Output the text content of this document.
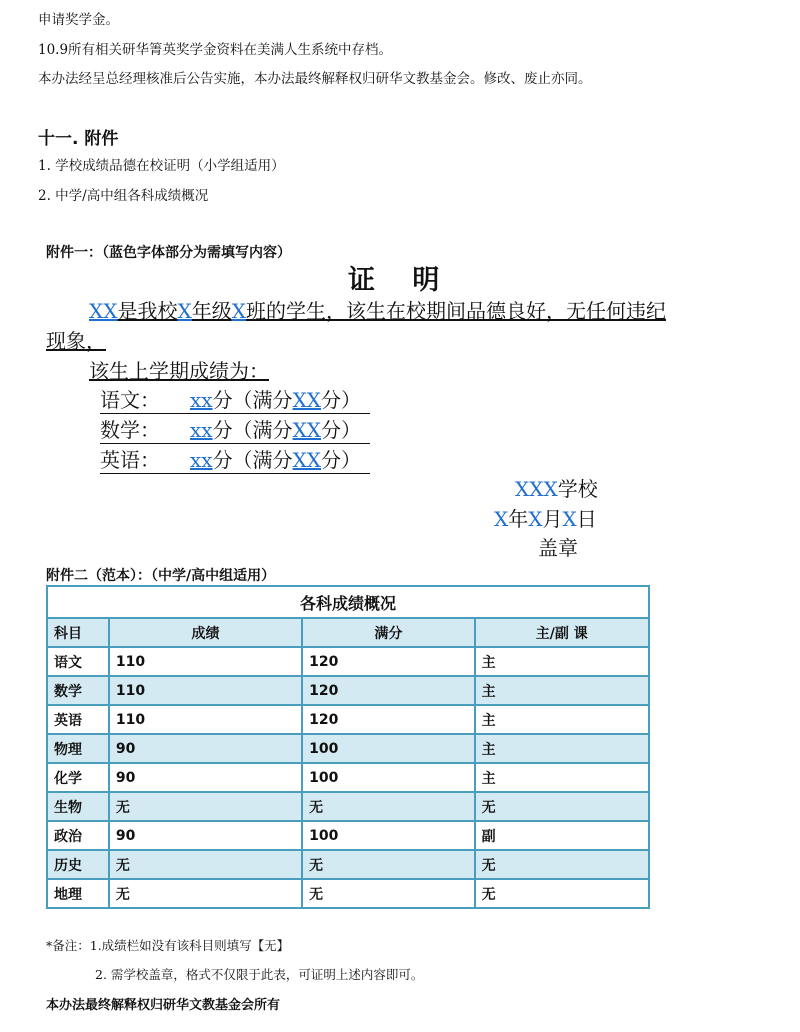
申请奖学金。
10.9所有相关研华箐英奖学金资料在美满人生系统中存档。
本办法经呈总经理核准后公告实施，本办法最终解释权归研华文教基金会。修改、废止亦同。
十一. 附件
1. 学校成绩品德在校证明（小学组适用）
2. 中学/高中组各科成绩概况
附件一：（蓝色字体部分为需填写内容）
证 明
XX是我校X年级X班的学生，该生在校期间品德良好，无任何违纪
现象，
该生上学期成绩为：
语文： xx分（满分XX分）
数学： xx分（满分XX分）
英语： xx分（满分XX分）
XXX学校
X年X月X日
盖章
附件二（范本）：（中学/高中组适用）
各科成绩概况			
科目	成绩	满分	主/副 课
语文	110	120	主
数学	110	120	主
英语	110	120	主
物理	90	100	主
化学	90	100	主
生物	无	无	无
政治	90	100	副
历史	无	无	无
地理	无	无	无
*备注：1.成绩栏如没有该科目则填写【无】
2. 需学校盖章，格式不仅限于此表，可证明上述内容即可。
本办法最终解释权归研华文教基金会所有
